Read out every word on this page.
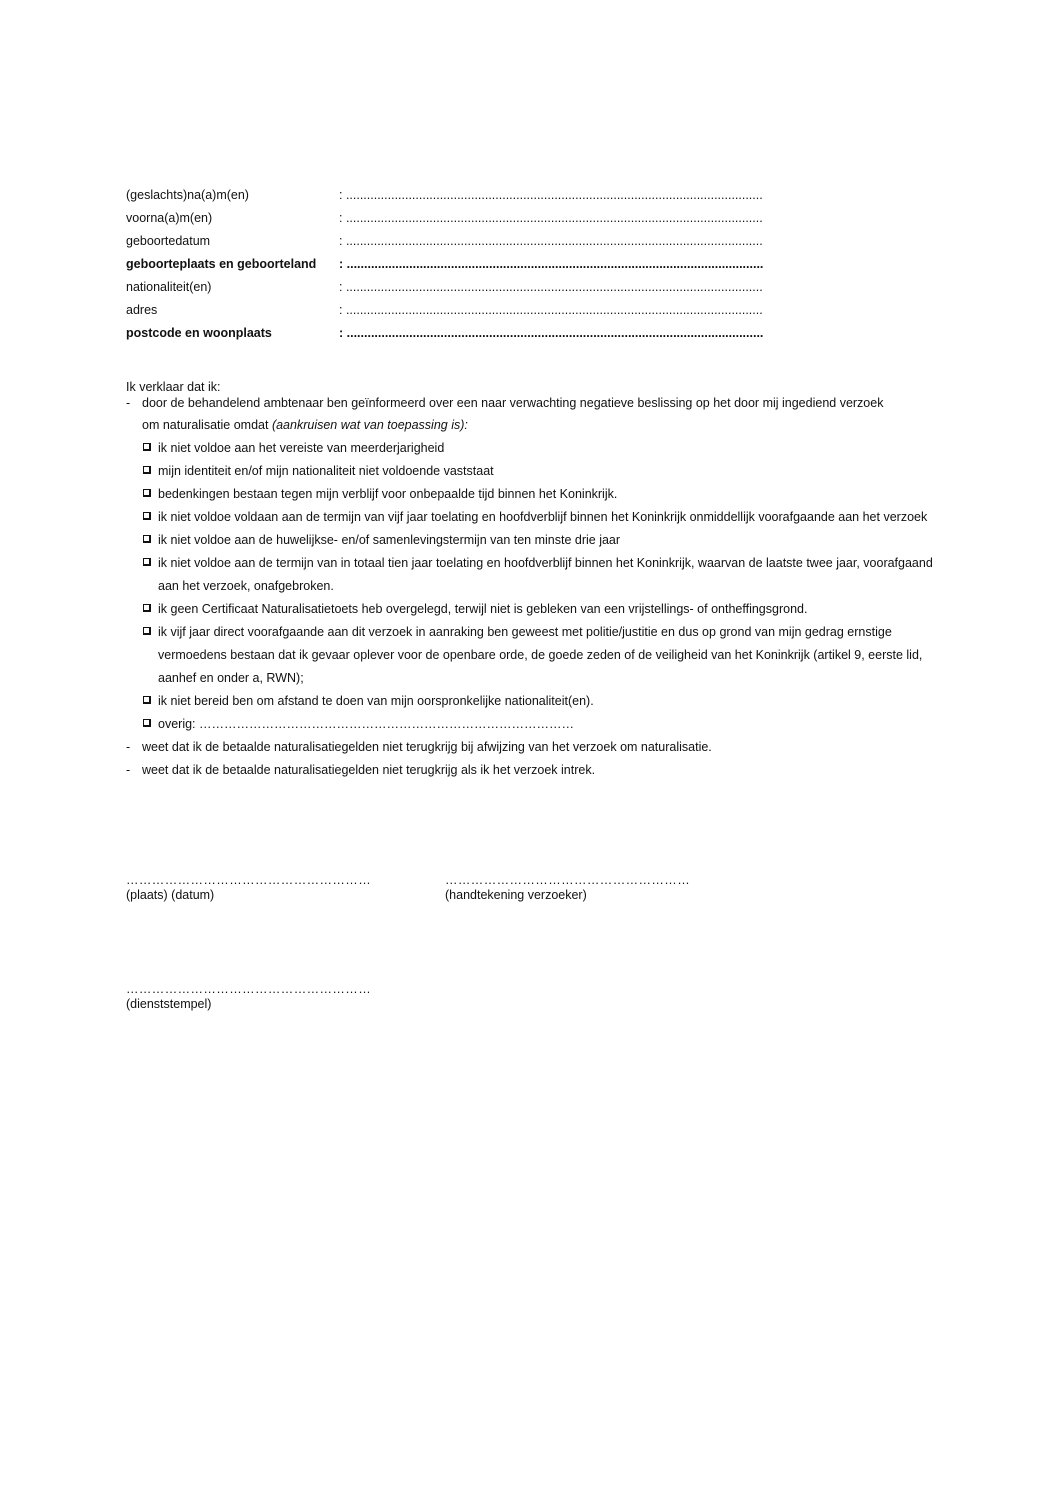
(geslachts)na(a)m(en)	: ........................................................................................................................
voorna(a)m(en)	: ........................................................................................................................
geboortedatum	: ........................................................................................................................
geboorteplaats en geboorteland : ........................................................................................................................
nationaliteit(en)	: ........................................................................................................................
adres	: ........................................................................................................................
postcode en woonplaats	: ........................................................................................................................
Ik verklaar dat ik:
- door de behandelend ambtenaar ben geïnformeerd over een naar verwachting negatieve beslissing op het door mij ingediend verzoek
om naturalisatie omdat (aankruisen wat van toepassing is):
ik niet voldoe aan het vereiste van meerderjarigheid
mijn identiteit en/of mijn nationaliteit niet voldoende vaststaat
bedenkingen bestaan tegen mijn verblijf voor onbepaalde tijd binnen het Koninkrijk.
ik niet voldoe voldaan aan de termijn van vijf jaar toelating en hoofdverblijf binnen het Koninkrijk onmiddellijk voorafgaande aan het verzoek
ik niet voldoe aan de huwelijkse- en/of samenlevingstermijn van ten minste drie jaar
ik niet voldoe aan de termijn van in totaal tien jaar toelating en hoofdverblijf binnen het Koninkrijk, waarvan de laatste twee jaar, voorafgaand aan het verzoek, onafgebroken.
ik geen Certificaat Naturalisatietoets heb overgelegd, terwijl niet is gebleken van een vrijstellings- of ontheffingsgrond.
ik vijf jaar direct voorafgaande aan dit verzoek in aanraking ben geweest met politie/justitie en dus op grond van mijn gedrag ernstige vermoedens bestaan dat ik gevaar oplever voor de openbare orde, de goede zeden of de veiligheid van het Koninkrijk (artikel 9, eerste lid, aanhef en onder a, RWN);
ik niet bereid ben om afstand te doen van mijn oorspronkelijke nationaliteit(en).
overig: ………………………………………………………………………………
- weet dat ik de betaalde naturalisatiegelden niet terugkrijg bij afwijzing van het verzoek om naturalisatie.
- weet dat ik de betaalde naturalisatiegelden niet terugkrijg als ik het verzoek intrek.
…………………………………………………
(plaats) (datum)
…………………………………………………
(handtekening verzoeker)
…………………………………………………
(dienststempel)
